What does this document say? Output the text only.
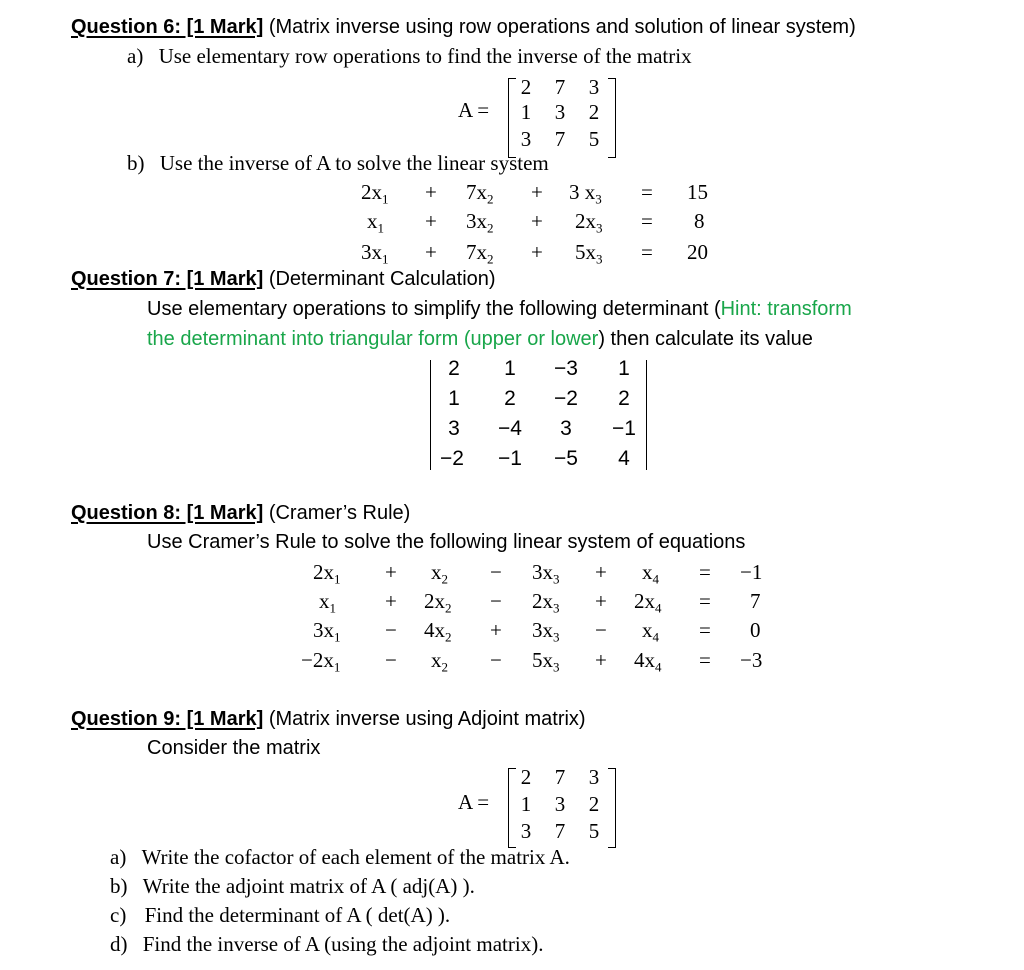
Question 6: [1 Mark] (Matrix inverse using row operations and solution of linear system)
a) Use elementary row operations to find the inverse of the matrix
A =
2	7	3
1	3	2
3	7	5
b) Use the inverse of A to solve the linear system
$2x_1 + 7x_2 + 3$ $x_3 = 15$
$x_1 + 3x_2 + 2x_3 = 8$
$3x_1 + 7x_2 + 5x_3 = 20$
Question 7: [1 Mark] (Determinant Calculation)
Use elementary operations to simplify the following determinant (Hint: transform
the determinant into triangular form (upper or lower) then calculate its value
2	1	−3	1
1	2	−2	2
3	−4	3	−1
−2	−1	−5	4
Question 8: [1 Mark] (Cramer’s Rule)
Use Cramer’s Rule to solve the following linear system of equations
$2x_1 + x_2 - 3x_3 + x_4 = -1$
$x_1 + 2x_2 - 2x_3 + 2x_4 = 7$
$3x_1 - 4x_2 + 3x_3 - x_4 = 0$
$-2x_1 - x_2 - 5x_3 + 4x_4 = -3$
Question 9: [1 Mark] (Matrix inverse using Adjoint matrix)
Consider the matrix
A =
2	7	3
1	3	2
3	7	5
a) Write the cofactor of each element of the matrix A.
b) Write the adjoint matrix of A ( adj(A) ).
c) Find the determinant of A ( det(A) ).
d) Find the inverse of A (using the adjoint matrix).
